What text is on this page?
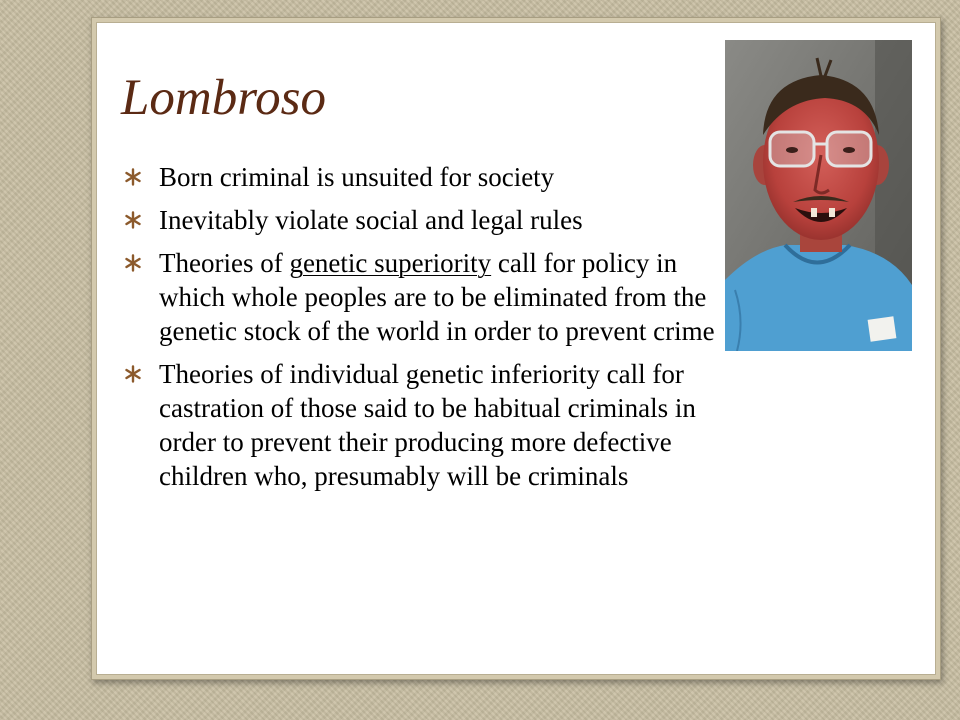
Lombroso
Born criminal is unsuited for society
Inevitably violate social and legal rules
Theories of genetic superiority call for policy in which whole peoples are to be eliminated from the genetic stock of the world in order to prevent crime
Theories of individual genetic inferiority call for castration of those said to be habitual criminals in order to prevent their producing more defective children who, presumably will be criminals
